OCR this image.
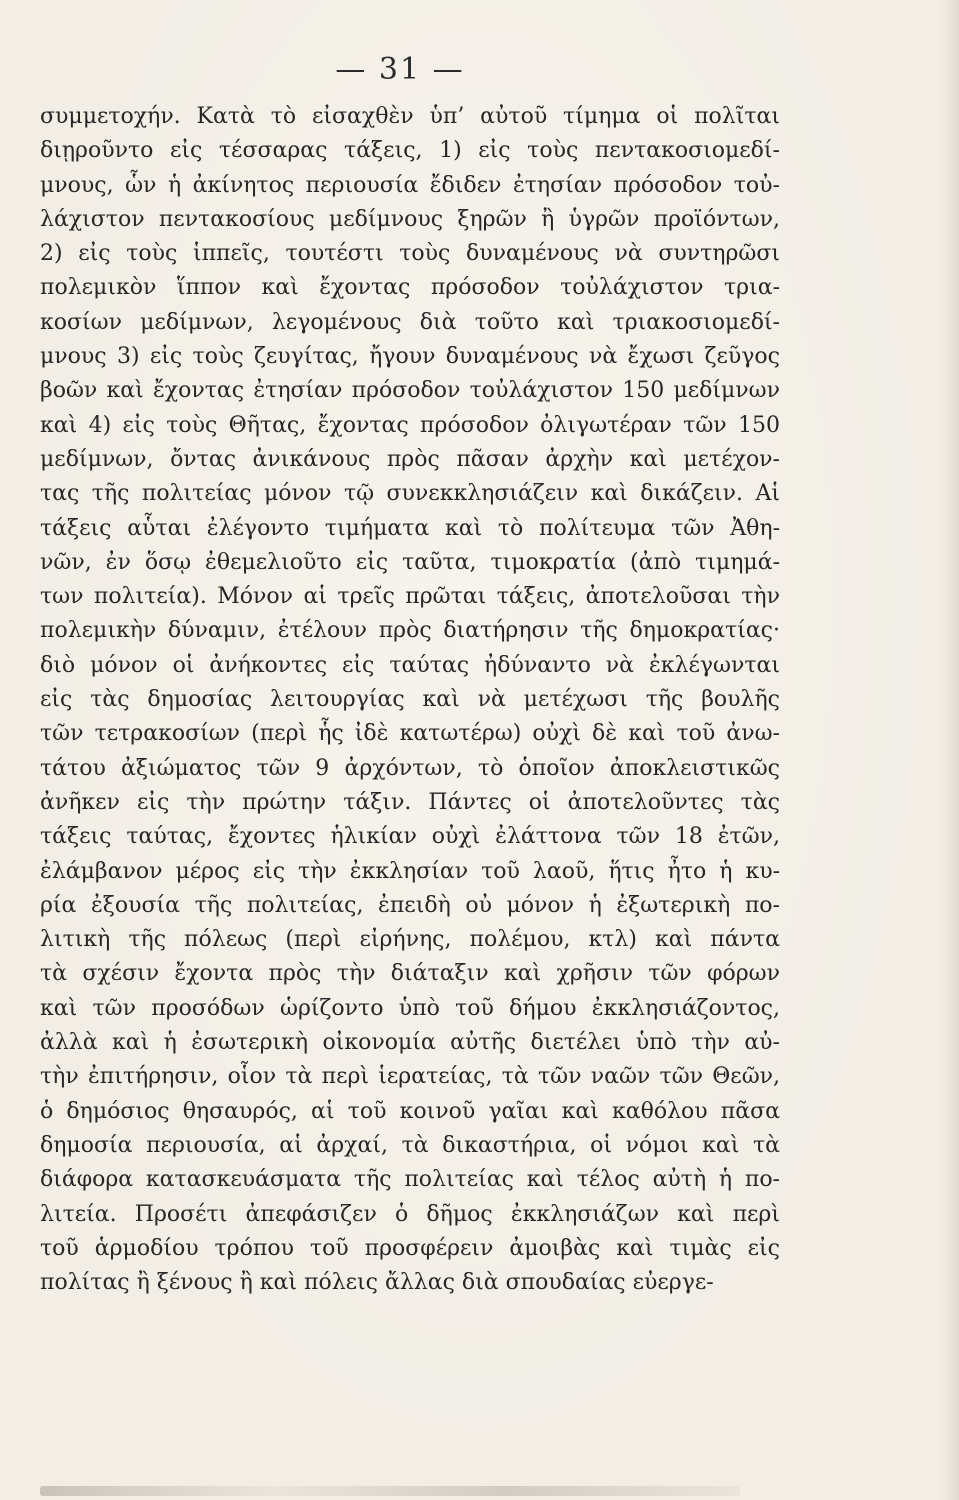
— 31 —
συμμετοχήν. Κατὰ τὸ εἰσαχθὲν ὑπ’ αὐτοῦ τίμημα οἱ πολῖται
διῃροῦντο εἰς τέσσαρας τάξεις, 1) εἰς τοὺς πεντακοσιομεδί-
μνους, ὧν ἡ ἀκίνητος περιουσία ἔδιδεν ἐτησίαν πρόσοδον τοὐ-
λάχιστον πεντακοσίους μεδίμνους ξηρῶν ἢ ὑγρῶν προϊόντων,
2) εἰς τοὺς ἱππεῖς, τουτέστι τοὺς δυναμένους νὰ συντηρῶσι
πολεμικὸν ἵππον καὶ ἔχοντας πρόσοδον τοὐλάχιστον τρια-
κοσίων μεδίμνων, λεγομένους διὰ τοῦτο καὶ τριακοσιομεδί-
μνους 3) εἰς τοὺς ζευγίτας, ἤγουν δυναμένους νὰ ἔχωσι ζεῦγος
βοῶν καὶ ἔχοντας ἐτησίαν πρόσοδον τοὐλάχιστον 150 μεδίμνων
καὶ 4) εἰς τοὺς Θῆτας, ἔχοντας πρόσοδον ὀλιγωτέραν τῶν 150
μεδίμνων, ὄντας ἀνικάνους πρὸς πᾶσαν ἀρχὴν καὶ μετέχον-
τας τῆς πολιτείας μόνον τῷ συνεκκλησιάζειν καὶ δικάζειν. Αἱ
τάξεις αὗται ἐλέγοντο τιμήματα καὶ τὸ πολίτευμα τῶν Ἀθη-
νῶν, ἐν ὅσῳ ἐθεμελιοῦτο εἰς ταῦτα, τιμοκρατία (ἀπὸ τιμημά-
των πολιτεία). Μόνον αἱ τρεῖς πρῶται τάξεις, ἀποτελοῦσαι τὴν
πολεμικὴν δύναμιν, ἐτέλουν πρὸς διατήρησιν τῆς δημοκρατίας·
διὸ μόνον οἱ ἀνήκοντες εἰς ταύτας ἠδύναντο νὰ ἐκλέγωνται
εἰς τὰς δημοσίας λειτουργίας καὶ νὰ μετέχωσι τῆς βουλῆς
τῶν τετρακοσίων (περὶ ἧς ἰδὲ κατωτέρω) οὐχὶ δὲ καὶ τοῦ ἀνω-
τάτου ἀξιώματος τῶν 9 ἀρχόντων, τὸ ὁποῖον ἀποκλειστικῶς
ἀνῆκεν εἰς τὴν πρώτην τάξιν. Πάντες οἱ ἀποτελοῦντες τὰς
τάξεις ταύτας, ἔχοντες ἡλικίαν οὐχὶ ἐλάττονα τῶν 18 ἐτῶν,
ἐλάμβανον μέρος εἰς τὴν ἐκκλησίαν τοῦ λαοῦ, ἥτις ἦτο ἡ κυ-
ρία ἐξουσία τῆς πολιτείας, ἐπειδὴ οὐ μόνον ἡ ἐξωτερικὴ πο-
λιτικὴ τῆς πόλεως (περὶ εἰρήνης, πολέμου, κτλ) καὶ πάντα
τὰ σχέσιν ἔχοντα πρὸς τὴν διάταξιν καὶ χρῆσιν τῶν φόρων
καὶ τῶν προσόδων ὡρίζοντο ὑπὸ τοῦ δήμου ἐκκλησιάζοντος,
ἀλλὰ καὶ ἡ ἐσωτερικὴ οἰκονομία αὐτῆς διετέλει ὑπὸ τὴν αὐ-
τὴν ἐπιτήρησιν, οἷον τὰ περὶ ἱερατείας, τὰ τῶν ναῶν τῶν Θεῶν,
ὁ δημόσιος θησαυρός, αἱ τοῦ κοινοῦ γαῖαι καὶ καθόλου πᾶσα
δημοσία περιουσία, αἱ ἀρχαί, τὰ δικαστήρια, οἱ νόμοι καὶ τὰ
διάφορα κατασκευάσματα τῆς πολιτείας καὶ τέλος αὐτὴ ἡ πο-
λιτεία. Προσέτι ἀπεφάσιζεν ὁ δῆμος ἐκκλησιάζων καὶ περὶ
τοῦ ἁρμοδίου τρόπου τοῦ προσφέρειν ἀμοιβὰς καὶ τιμὰς εἰς
πολίτας ἢ ξένους ἢ καὶ πόλεις ἄλλας διὰ σπουδαίας εὐεργε-
